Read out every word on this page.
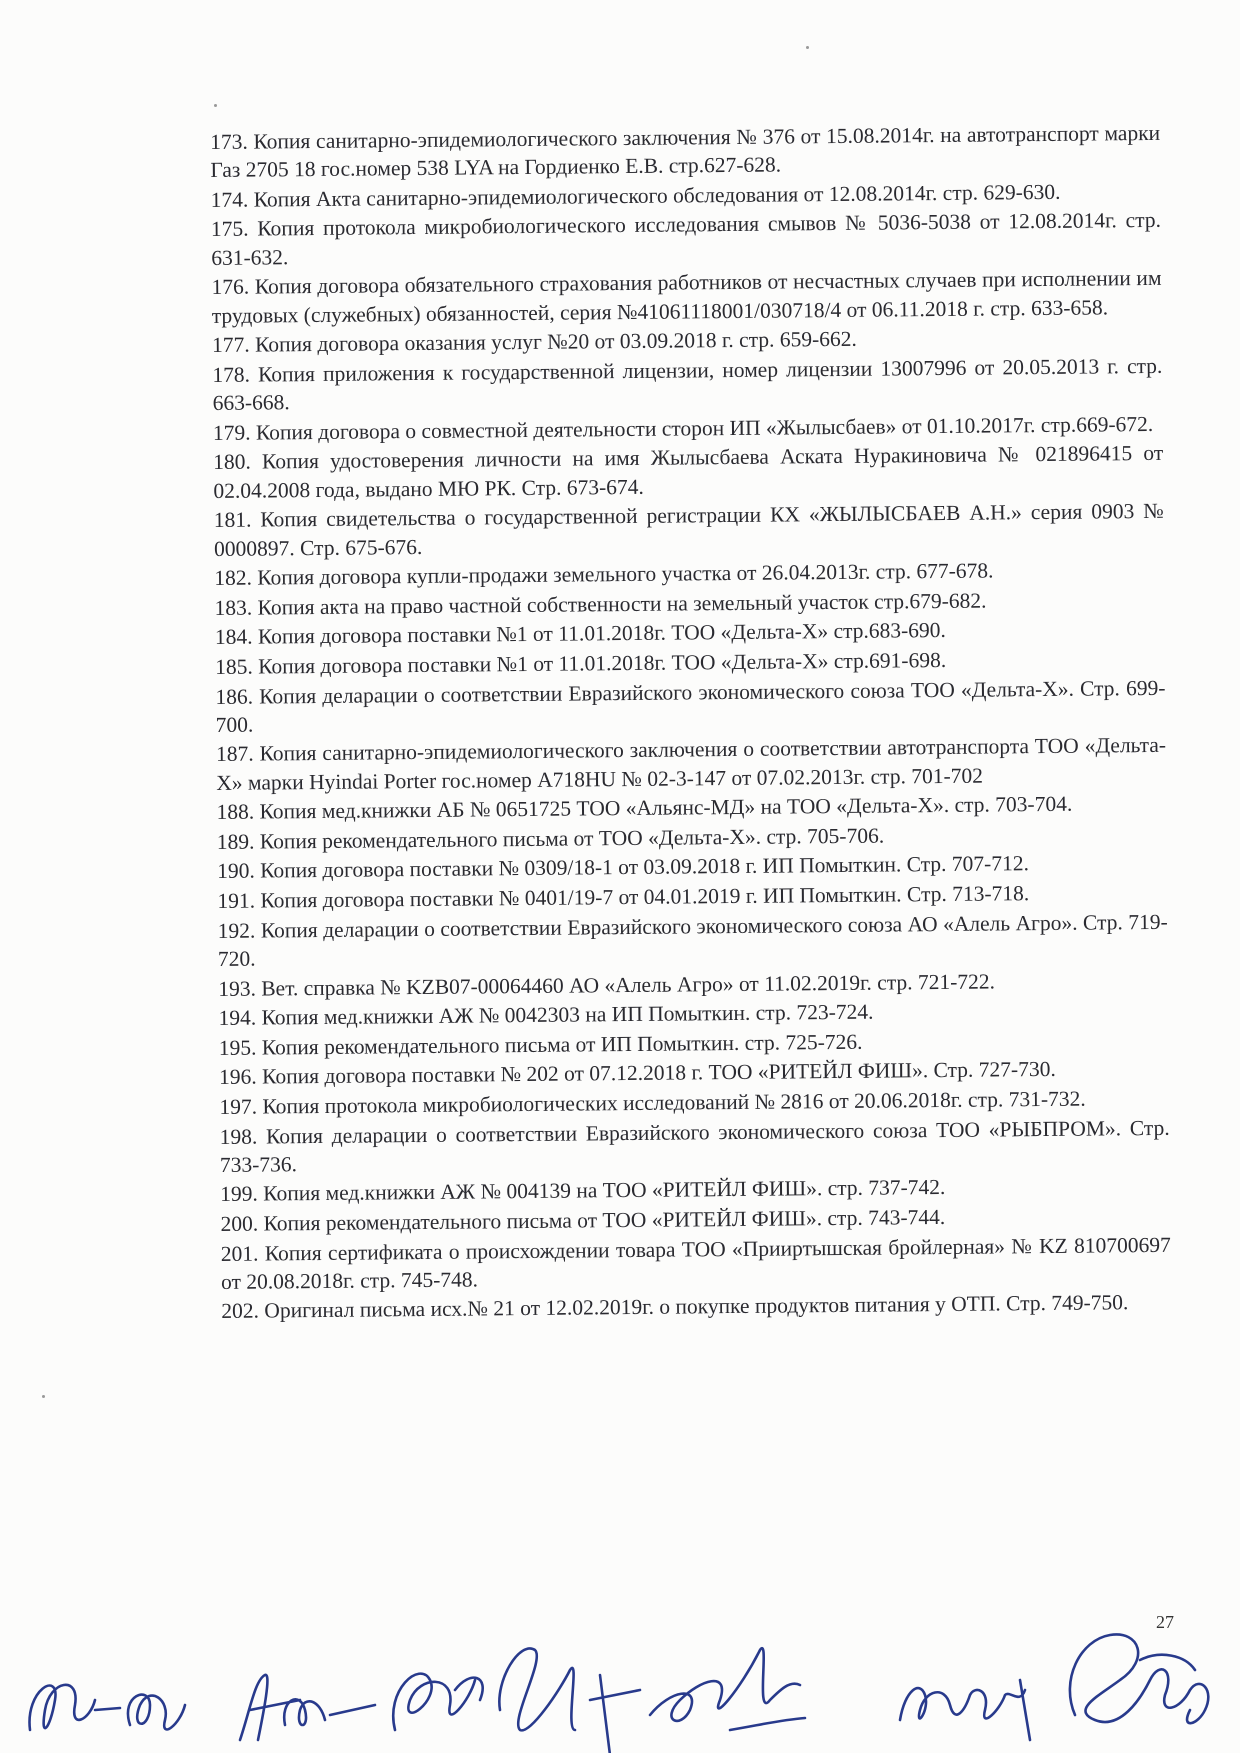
173. Копия санитарно-эпидемиологического заключения № 376 от 15.08.2014г. на автотранспорт марки Газ 2705 18 гос.номер 538 LYA на Гордиенко Е.В. стр.627-628.

174. Копия Акта санитарно-эпидемиологического обследования от 12.08.2014г. стр. 629-630.

175. Копия протокола микробиологического исследования смывов № 5036-5038 от 12.08.2014г. стр. 631-632.

176. Копия договора обязательного страхования работников от несчастных случаев при исполнении им трудовых (служебных) обязанностей, серия №41061118001/030718/4 от 06.11.2018 г. стр. 633-658.

177. Копия договора оказания услуг №20 от 03.09.2018 г. стр. 659-662.

178. Копия приложения к государственной лицензии, номер лицензии 13007996 от 20.05.2013 г. стр. 663-668.

179. Копия договора о совместной деятельности сторон ИП «Жылысбаев» от 01.10.2017г. стр.669-672.

180. Копия удостоверения личности на имя Жылысбаева Аската Нуракиновича № 021896415 от 02.04.2008 года, выдано МЮ РК. Стр. 673-674.

181. Копия свидетельства о государственной регистрации КХ «ЖЫЛЫСБАЕВ А.Н.» серия 0903 № 0000897. Стр. 675-676.

182. Копия договора купли-продажи земельного участка от 26.04.2013г. стр. 677-678.

183. Копия акта на право частной собственности на земельный участок стр.679-682.

184. Копия договора поставки №1 от 11.01.2018г. ТОО «Дельта-Х» стр.683-690.

185. Копия договора поставки №1 от 11.01.2018г. ТОО «Дельта-Х» стр.691-698.

186. Копия деларации о соответствии Евразийского экономического союза ТОО «Дельта-Х». Стр. 699-700.

187. Копия санитарно-эпидемиологического заключения о соответствии автотранспорта ТОО «Дельта-Х» марки Hyindai Porter гос.номер A718HU № 02-3-147 от 07.02.2013г. стр. 701-702

188. Копия мед.книжки АБ № 0651725 ТОО «Альянс-МД» на ТОО «Дельта-Х». стр. 703-704.

189. Копия рекомендательного письма от ТОО «Дельта-Х». стр. 705-706.

190. Копия договора поставки № 0309/18-1 от 03.09.2018 г. ИП Помыткин. Стр. 707-712.

191. Копия договора поставки № 0401/19-7 от 04.01.2019 г. ИП Помыткин. Стр. 713-718.

192. Копия деларации о соответствии Евразийского экономического союза АО «Алель Агро». Стр. 719-720.

193. Вет. справка № KZB07-00064460 АО «Алель Агро» от 11.02.2019г. стр. 721-722.

194. Копия мед.книжки АЖ № 0042303 на ИП Помыткин. стр. 723-724.

195. Копия рекомендательного письма от ИП Помыткин. стр. 725-726.

196. Копия договора поставки № 202 от 07.12.2018 г. ТОО «РИТЕЙЛ ФИШ». Стр. 727-730.

197. Копия протокола микробиологических исследований № 2816 от 20.06.2018г. стр. 731-732.

198. Копия деларации о соответствии Евразийского экономического союза ТОО «РЫБПРОМ». Стр. 733-736.

199. Копия мед.книжки АЖ № 004139 на ТОО «РИТЕЙЛ ФИШ». стр. 737-742.

200. Копия рекомендательного письма от ТОО «РИТЕЙЛ ФИШ». стр. 743-744.

201. Копия сертификата о происхождении товара ТОО «Прииртышская бройлерная» № KZ 810700697 от 20.08.2018г. стр. 745-748.

202. Оригинал письма исх.№ 21 от 12.02.2019г. о покупке продуктов питания у ОТП. Стр. 749-750.

27
